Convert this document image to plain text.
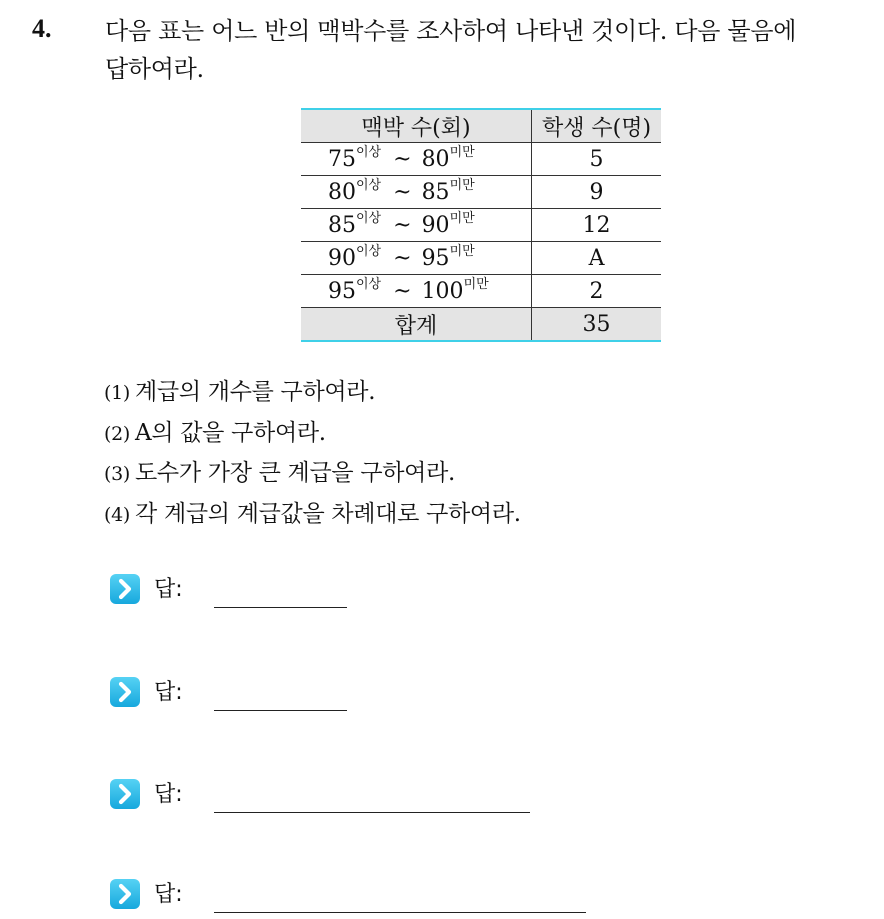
4. 다음 표는 어느 반의 맥박수를 조사하여 나타낸 것이다. 다음 물음에
답하여라.
맥박 수(회)	학생 수(명)
$75^{이상}$ ~ $80^{미만}$	5
$80^{이상}$ ~ $85^{미만}$	9
$85^{이상}$ ~ $90^{미만}$	12
$90^{이상}$ ~ $95^{미만}$	A
$95^{이상}$ ~ $100^{미만}$	2
합계	35
(1) 계급의 개수를 구하여라.
(2) A의 값을 구하여라.
(3) 도수가 가장 큰 계급을 구하여라.
(4) 각 계급의 계급값을 차례대로 구하여라.
답:
답:
답:
답:
